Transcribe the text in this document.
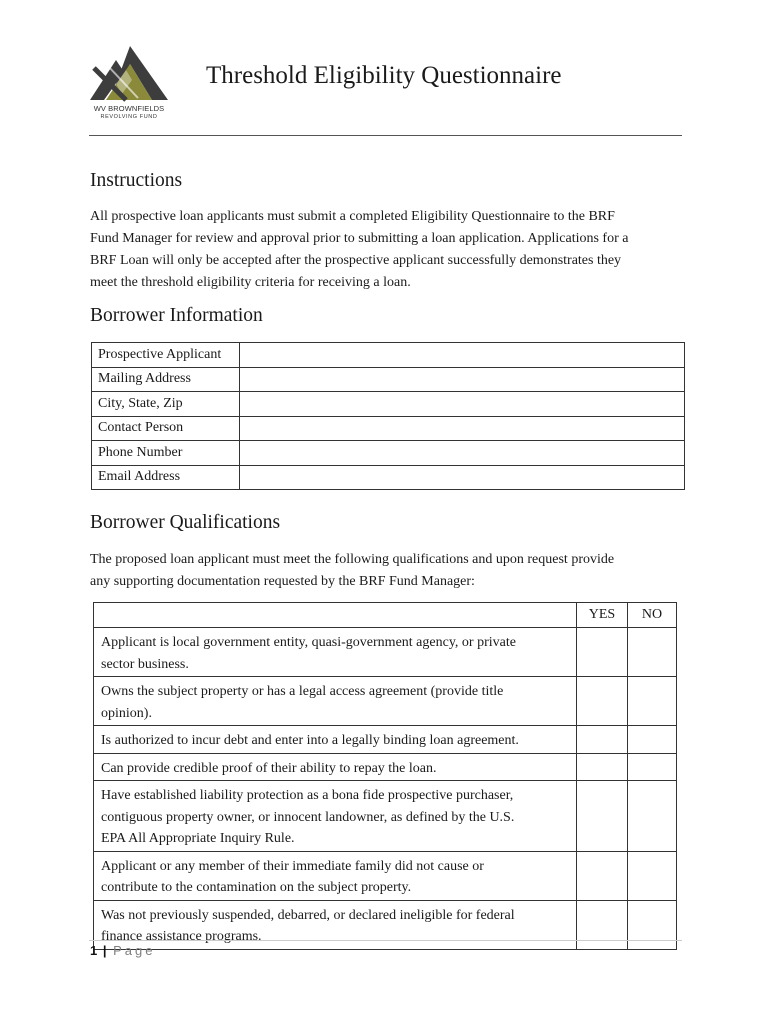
WV BROWNFIELDS
REVOLVING FUND
Threshold Eligibility Questionnaire
Instructions
All prospective loan applicants must submit a completed Eligibility Questionnaire to the BRF
Fund Manager for review and approval prior to submitting a loan application. Applications for a
BRF Loan will only be accepted after the prospective applicant successfully demonstrates they
meet the threshold eligibility criteria for receiving a loan.
Borrower Information
Prospective Applicant	
Mailing Address	
City, State, Zip	
Contact Person	
Phone Number	
Email Address	
Borrower Qualifications
The proposed loan applicant must meet the following qualifications and upon request provide
any supporting documentation requested by the BRF Fund Manager:
	YES	NO

Applicant is local government entity, quasi-government agency, or private
sector business.		

Owns the subject property or has a legal access agreement (provide title
opinion).		

Is authorized to incur debt and enter into a legally binding loan agreement.		

Can provide credible proof of their ability to repay the loan.		

Have established liability protection as a bona fide prospective purchaser,
contiguous property owner, or innocent landowner, as defined by the U.S.
EPA All Appropriate Inquiry Rule.		

Applicant or any member of their immediate family did not cause or
contribute to the contamination on the subject property.		

Was not previously suspended, debarred, or declared ineligible for federal
finance assistance programs.		

1 | Page
